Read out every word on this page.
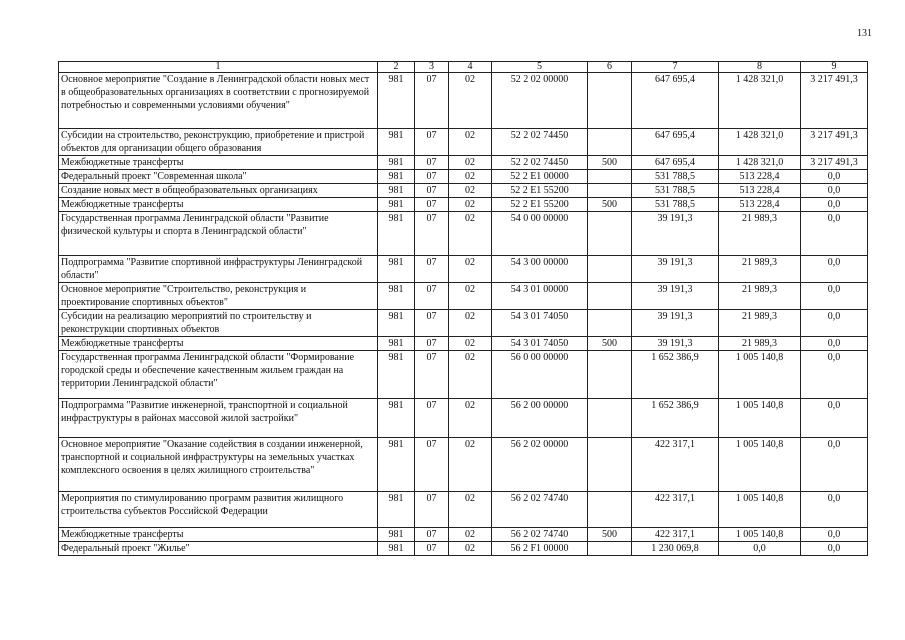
131
1	2	3	4	5	6	7	8	9
Основное мероприятие "Создание в Ленинградской области новых мест в общеобразовательных организациях в соответствии с прогнозируемой потребностью и современными условиями обучения"	981	07	02	52 2 02 00000		647 695,4	1 428 321,0	3 217 491,3
Субсидии на строительство, реконструкцию, приобретение и пристрой объектов для организации общего образования	981	07	02	52 2 02 74450		647 695,4	1 428 321,0	3 217 491,3
Межбюджетные трансферты	981	07	02	52 2 02 74450	500	647 695,4	1 428 321,0	3 217 491,3
Федеральный проект "Современная школа"	981	07	02	52 2 E1 00000		531 788,5	513 228,4	0,0
Создание новых мест в общеобразовательных организациях	981	07	02	52 2 E1 55200		531 788,5	513 228,4	0,0
Межбюджетные трансферты	981	07	02	52 2 E1 55200	500	531 788,5	513 228,4	0,0
Государственная программа Ленинградской области "Развитие физической культуры и спорта в Ленинградской области"	981	07	02	54 0 00 00000		39 191,3	21 989,3	0,0
Подпрограмма "Развитие спортивной инфраструктуры Ленинградской области"	981	07	02	54 3 00 00000		39 191,3	21 989,3	0,0
Основное мероприятие "Строительство, реконструкция и проектирование спортивных объектов"	981	07	02	54 3 01 00000		39 191,3	21 989,3	0,0
Субсидии на реализацию мероприятий по строительству и реконструкции спортивных объектов	981	07	02	54 3 01 74050		39 191,3	21 989,3	0,0
Межбюджетные трансферты	981	07	02	54 3 01 74050	500	39 191,3	21 989,3	0,0
Государственная программа Ленинградской области "Формирование городской среды и обеспечение качественным жильем граждан на территории Ленинградской области"	981	07	02	56 0 00 00000		1 652 386,9	1 005 140,8	0,0
Подпрограмма "Развитие инженерной, транспортной и социальной инфраструктуры в районах массовой жилой застройки"	981	07	02	56 2 00 00000		1 652 386,9	1 005 140,8	0,0
Основное мероприятие "Оказание содействия в создании инженерной, транспортной и социальной инфраструктуры на земельных участках комплексного освоения в целях жилищного строительства"	981	07	02	56 2 02 00000		422 317,1	1 005 140,8	0,0
Мероприятия по стимулированию программ развития жилищного строительства субъектов Российской Федерации	981	07	02	56 2 02 74740		422 317,1	1 005 140,8	0,0
Межбюджетные трансферты	981	07	02	56 2 02 74740	500	422 317,1	1 005 140,8	0,0
Федеральный проект "Жилье"	981	07	02	56 2 F1 00000		1 230 069,8	0,0	0,0
